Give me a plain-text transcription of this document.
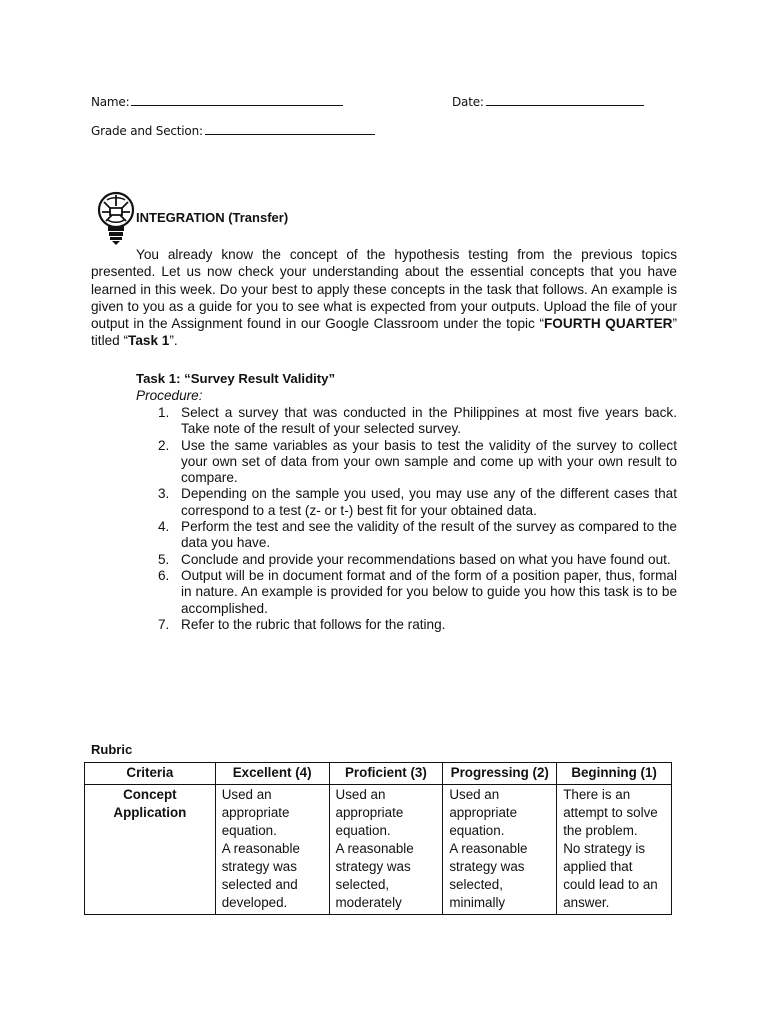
Name:	Date:
Grade and Section:
INTEGRATION (Transfer)
You already know the concept of the hypothesis testing from the previous topics presented. Let us now check your understanding about the essential concepts that you have learned in this week. Do your best to apply these concepts in the task that follows. An example is given to you as a guide for you to see what is expected from your outputs. Upload the file of your output in the Assignment found in our Google Classroom under the topic “FOURTH QUARTER” titled “Task 1”.
Task 1: “Survey Result Validity”
Procedure:
1. Select a survey that was conducted in the Philippines at most five years back. Take note of the result of your selected survey.
2. Use the same variables as your basis to test the validity of the survey to collect your own set of data from your own sample and come up with your own result to compare.
3. Depending on the sample you used, you may use any of the different cases that correspond to a test (z- or t-) best fit for your obtained data.
4. Perform the test and see the validity of the result of the survey as compared to the data you have.
5. Conclude and provide your recommendations based on what you have found out.
6. Output will be in document format and of the form of a position paper, thus, formal in nature. An example is provided for you below to guide you how this task is to be accomplished.
7. Refer to the rubric that follows for the rating.
Rubric
Criteria	Excellent (4)	Proficient (3)	Progressing (2)	Beginning (1)
Concept Application	Used an appropriate equation.
A reasonable strategy was selected and developed.	Used an appropriate equation.
A reasonable strategy was selected, moderately	Used an appropriate equation.
A reasonable strategy was selected, minimally	There is an attempt to solve the problem.
No strategy is applied that could lead to an answer.
